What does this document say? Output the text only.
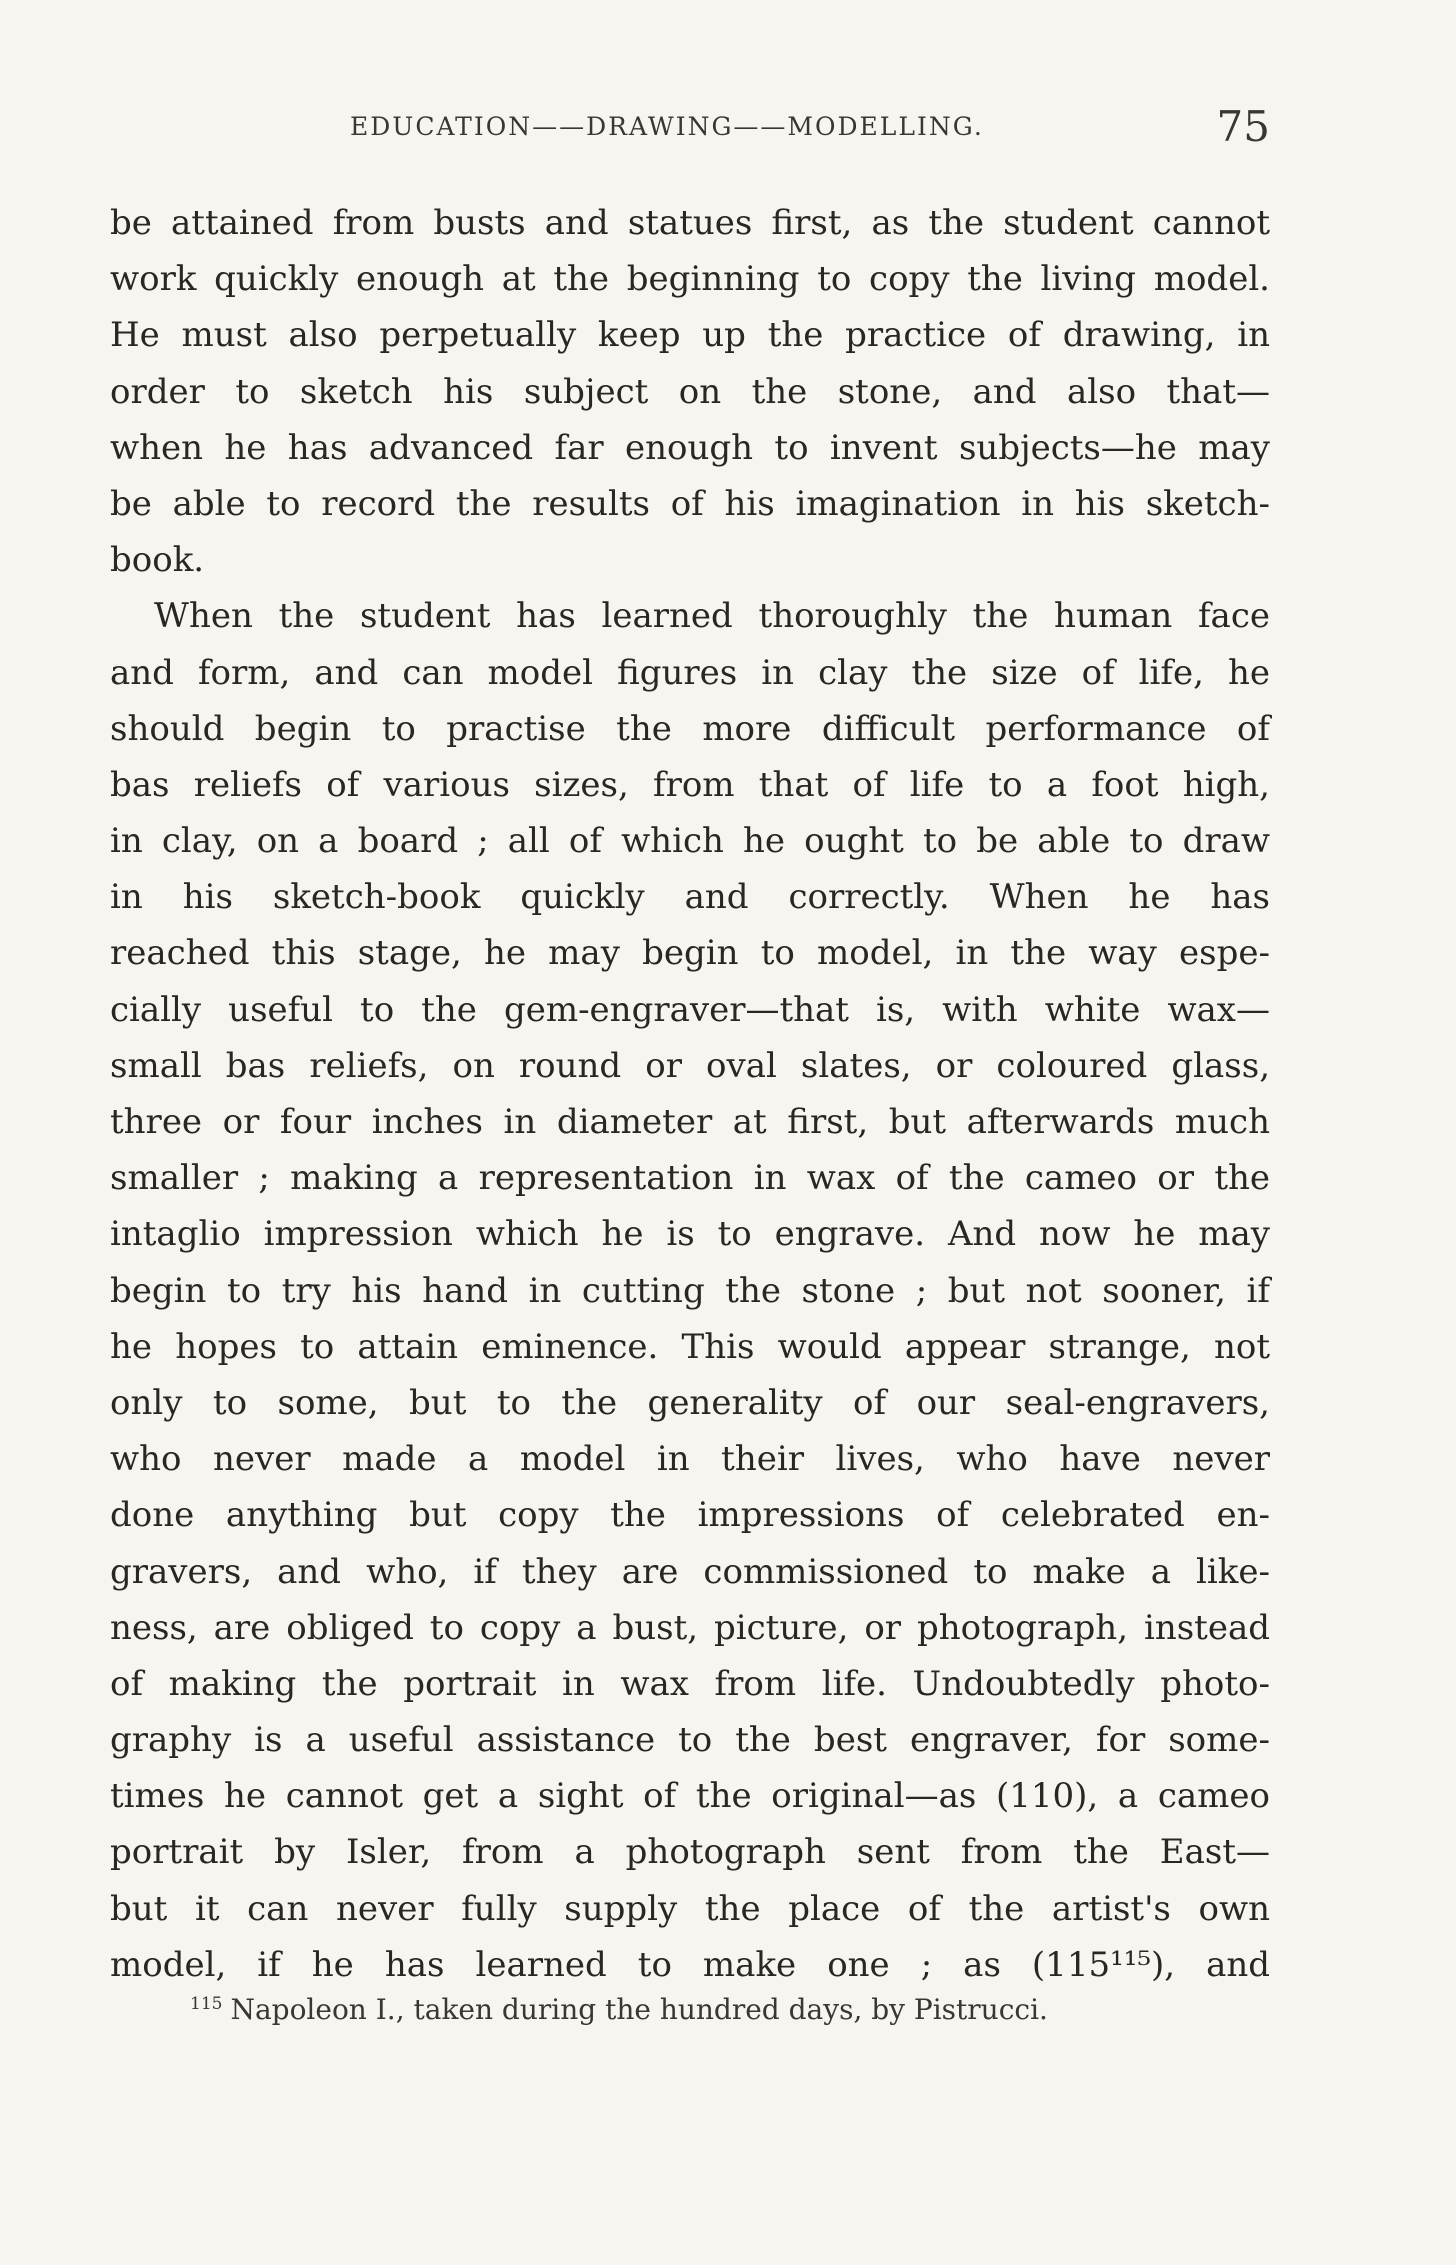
EDUCATION——DRAWING——MODELLING.	75
be attained from busts and statues first, as the student cannot
work quickly enough at the beginning to copy the living model.
He must also perpetually keep up the practice of drawing, in
order to sketch his subject on the stone, and also that—
when he has advanced far enough to invent subjects—he may
be able to record the results of his imagination in his sketch-
book.
When the student has learned thoroughly the human face
and form, and can model figures in clay the size of life, he
should begin to practise the more difficult performance of
bas reliefs of various sizes, from that of life to a foot high,
in clay, on a board ; all of which he ought to be able to draw
in his sketch-book quickly and correctly. When he has
reached this stage, he may begin to model, in the way espe-
cially useful to the gem-engraver—that is, with white wax—
small bas reliefs, on round or oval slates, or coloured glass,
three or four inches in diameter at first, but afterwards much
smaller ; making a representation in wax of the cameo or the
intaglio impression which he is to engrave. And now he may
begin to try his hand in cutting the stone ; but not sooner, if
he hopes to attain eminence. This would appear strange, not
only to some, but to the generality of our seal-engravers,
who never made a model in their lives, who have never
done anything but copy the impressions of celebrated en-
gravers, and who, if they are commissioned to make a like-
ness, are obliged to copy a bust, picture, or photograph, instead
of making the portrait in wax from life. Undoubtedly photo-
graphy is a useful assistance to the best engraver, for some-
times he cannot get a sight of the original—as (110), a cameo
portrait by Isler, from a photograph sent from the East—
but it can never fully supply the place of the artist's own
model, if he has learned to make one ; as (115¹¹⁵), and
$^{115}$ Napoleon I., taken during the hundred days, by Pistrucci.
